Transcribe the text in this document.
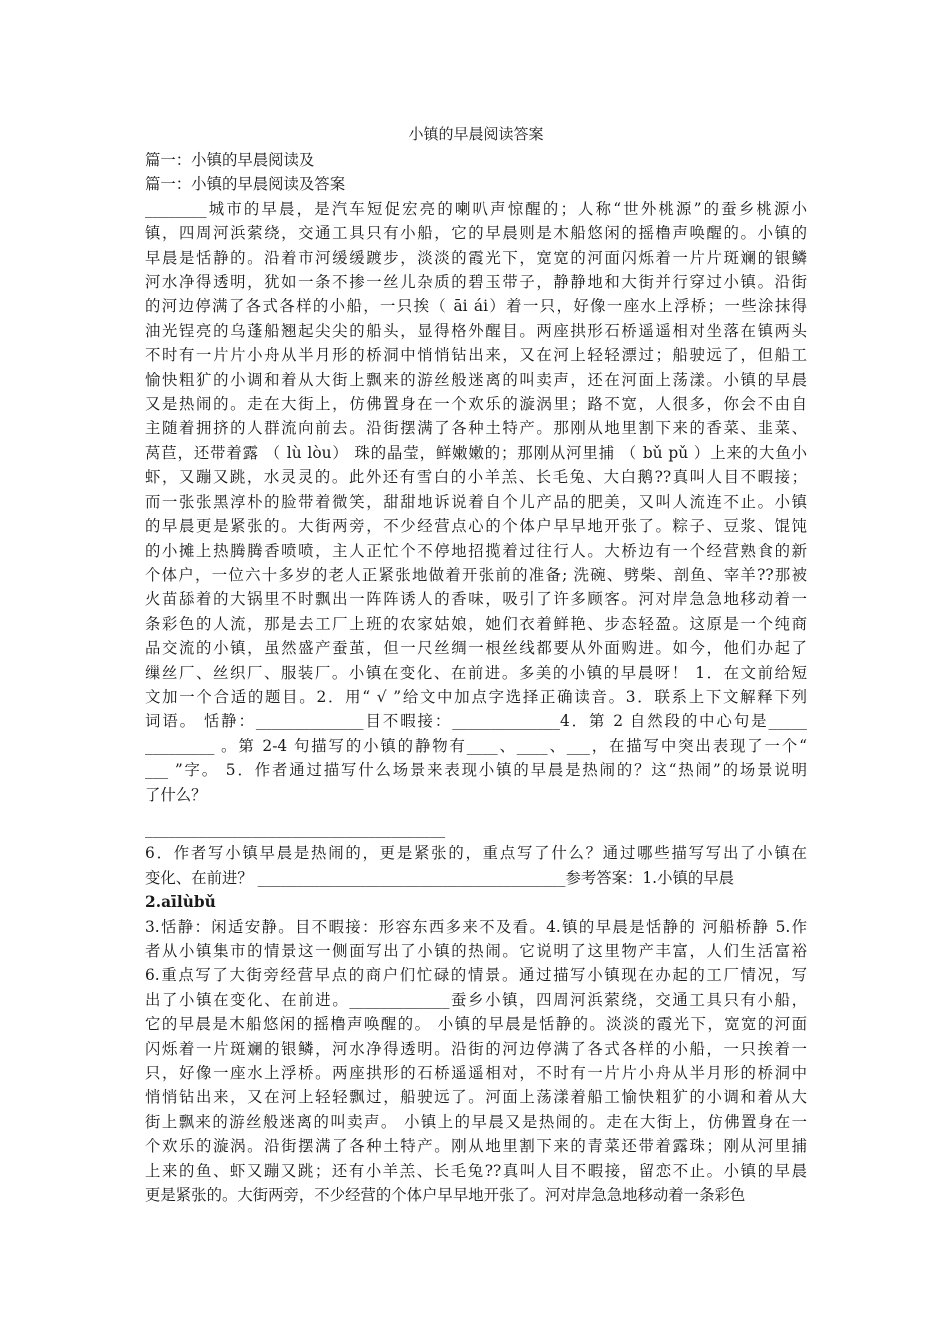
小镇的早晨阅读答案

篇一：小镇的早晨阅读及

篇一：小镇的早晨阅读及答案

________城市的早晨，是汽车短促宏亮的喇叭声惊醒的；人称“世外桃源”的蚕乡桃源小

镇，四周河浜萦绕，交通工具只有小船，它的早晨则是木船悠闲的摇橹声唤醒的。小镇的

早晨是恬静的。沿着市河缓缓踱步，淡淡的霞光下，宽宽的河面闪烁着一片片斑斓的银鳞

河水净得透明，犹如一条不掺一丝儿杂质的碧玉带子，静静地和大街并行穿过小镇。沿街

的河边停满了各式各样的小船，一只挨（ āi ái）着一只，好像一座水上浮桥；一些涂抹得

油光锃亮的乌蓬船翘起尖尖的船头，显得格外醒目。两座拱形石桥遥遥相对坐落在镇两头

不时有一片片小舟从半月形的桥洞中悄悄钻出来，又在河上轻轻漂过；船驶远了，但船工

愉快粗犷的小调和着从大街上飘来的游丝般迷离的叫卖声，还在河面上荡漾。小镇的早晨

又是热闹的。走在大街上，仿佛置身在一个欢乐的漩涡里；路不宽，人很多，你会不由自

主随着拥挤的人群流向前去。沿街摆满了各种土特产。那刚从地里割下来的香菜、韭菜、

莴苣，还带着露 （ lù lòu） 珠的晶莹，鲜嫩嫩的；那刚从河里捕 （ bǔ pǔ ）上来的大鱼小

虾，又蹦又跳，水灵灵的。此外还有雪白的小羊羔、长毛兔、大白鹅??真叫人目不暇接；

而一张张黑淳朴的脸带着微笑，甜甜地诉说着自个儿产品的肥美，又叫人流连不止。小镇

的早晨更是紧张的。大街两旁，不少经营点心的个体户早早地开张了。粽子、豆浆、馄饨

的小摊上热腾腾香喷喷，主人正忙个不停地招揽着过往行人。大桥边有一个经营熟食的新

个体户，一位六十多岁的老人正紧张地做着开张前的准备; 洗碗、劈柴、剖鱼、宰羊??那被

火苗舔着的大锅里不时飘出一阵阵诱人的香味，吸引了许多顾客。河对岸急急地移动着一

条彩色的人流，那是去工厂上班的农家姑娘，她们衣着鲜艳、步态轻盈。这原是一个纯商

品交流的小镇，虽然盛产蚕茧，但一尺丝绸一根丝线都要从外面购进。如今，他们办起了

缫丝厂、丝织厂、服装厂。小镇在变化、在前进。多美的小镇的早晨呀！ 1．在文前给短

文加一个合适的题目。2．用“ √ ”给文中加点字选择正确读音。3．联系上下文解释下列

词语。 恬静：______________目不暇接：______________4．第 2 自然段的中心句是_____

_________ 。第 2-4 句描写的小镇的静物有____、____、___，在描写中突出表现了一个“

___ ”字。 5．作者通过描写什么场景来表现小镇的早晨是热闹的？这“热闹”的场景说明

了什么？

_______________________________________

6．作者写小镇早晨是热闹的，更是紧张的，重点写了什么？通过哪些描写写出了小镇在

变化、在前进？ ________________________________________参考答案：1.小镇的早晨

2.aīlùbǔ

3.恬静：闲适安静。目不暇接：形容东西多来不及看。4.镇的早晨是恬静的 河船桥静 5.作

者从小镇集市的情景这一侧面写出了小镇的热闹。它说明了这里物产丰富，人们生活富裕

6.重点写了大街旁经营早点的商户们忙碌的情景。通过描写小镇现在办起的工厂情况，写

出了小镇在变化、在前进。_____________蚕乡小镇，四周河浜萦绕，交通工具只有小船，

它的早晨是木船悠闲的摇橹声唤醒的。 小镇的早晨是恬静的。淡淡的霞光下，宽宽的河面

闪烁着一片斑斓的银鳞，河水净得透明。沿街的河边停满了各式各样的小船，一只挨着一

只，好像一座水上浮桥。两座拱形的石桥遥遥相对，不时有一片片小舟从半月形的桥洞中

悄悄钻出来，又在河上轻轻飘过，船驶远了。河面上荡漾着船工愉快粗犷的小调和着从大

街上飘来的游丝般迷离的叫卖声。 小镇上的早晨又是热闹的。走在大街上，仿佛置身在一

个欢乐的漩涡。沿街摆满了各种土特产。刚从地里割下来的青菜还带着露珠；刚从河里捕

上来的鱼、虾又蹦又跳；还有小羊羔、长毛兔??真叫人目不暇接，留恋不止。小镇的早晨

更是紧张的。大街两旁，不少经营的个体户早早地开张了。河对岸急急地移动着一条彩色
